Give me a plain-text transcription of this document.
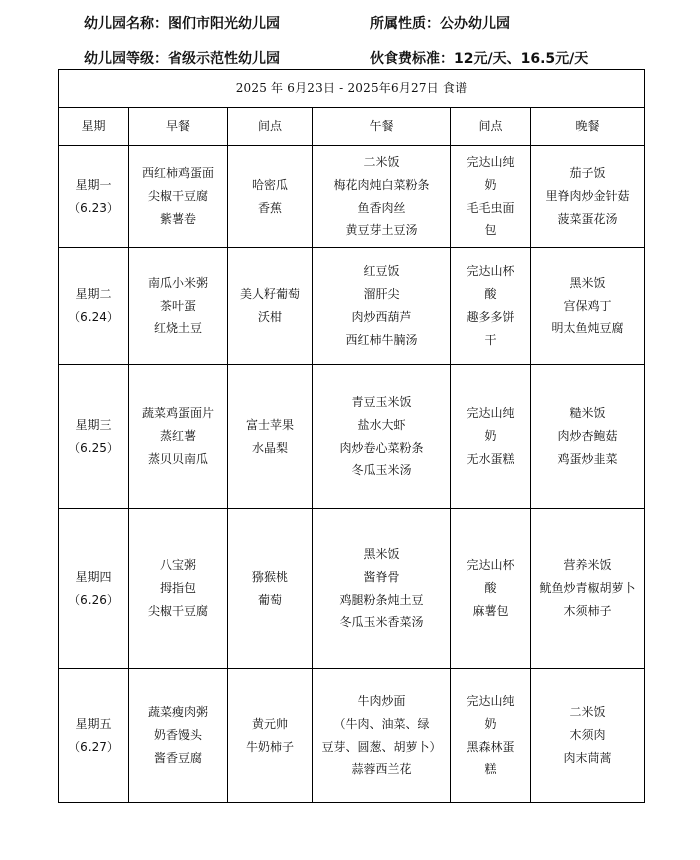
幼儿园名称：图们市阳光幼儿园	所属性质：公办幼儿园
幼儿园等级：省级示范性幼儿园	伙食费标准：12元/天、16.5元/天
2025 年 6月23日 - 2025年6月27日 食谱					
星期	早餐	间点	午餐	间点	晚餐

星期一
（6.23）	西红柿鸡蛋面
尖椒干豆腐
紫薯卷	哈密瓜
香蕉	二米饭
梅花肉炖白菜粉条
鱼香肉丝
黄豆芽土豆汤	完达山纯
奶
毛毛虫面
包	茄子饭
里脊肉炒金针菇
菠菜蛋花汤

星期二
（6.24）	南瓜小米粥
茶叶蛋
红烧土豆	美人籽葡萄
沃柑	红豆饭
溜肝尖
肉炒西葫芦
西红柿牛腩汤	完达山杯
酸
趣多多饼
干	黑米饭
宫保鸡丁
明太鱼炖豆腐

星期三
（6.25）	蔬菜鸡蛋面片
蒸红薯
蒸贝贝南瓜	富士苹果
水晶梨	青豆玉米饭
盐水大虾
肉炒卷心菜粉条
冬瓜玉米汤	完达山纯
奶
无水蛋糕	糙米饭
肉炒杏鲍菇
鸡蛋炒韭菜

星期四
（6.26）	八宝粥
拇指包
尖椒干豆腐	猕猴桃
葡萄	黑米饭
酱脊骨
鸡腿粉条炖土豆
冬瓜玉米香菜汤	完达山杯
酸
麻薯包	营养米饭
鱿鱼炒青椒胡萝卜
木须柿子

星期五
（6.27）	蔬菜瘦肉粥
奶香馒头
酱香豆腐	黄元帅
牛奶柿子	牛肉炒面
（牛肉、油菜、绿
豆芽、圆葱、胡萝卜）
蒜蓉西兰花	完达山纯
奶
黑森林蛋
糕	二米饭
木须肉
肉末茼蒿
